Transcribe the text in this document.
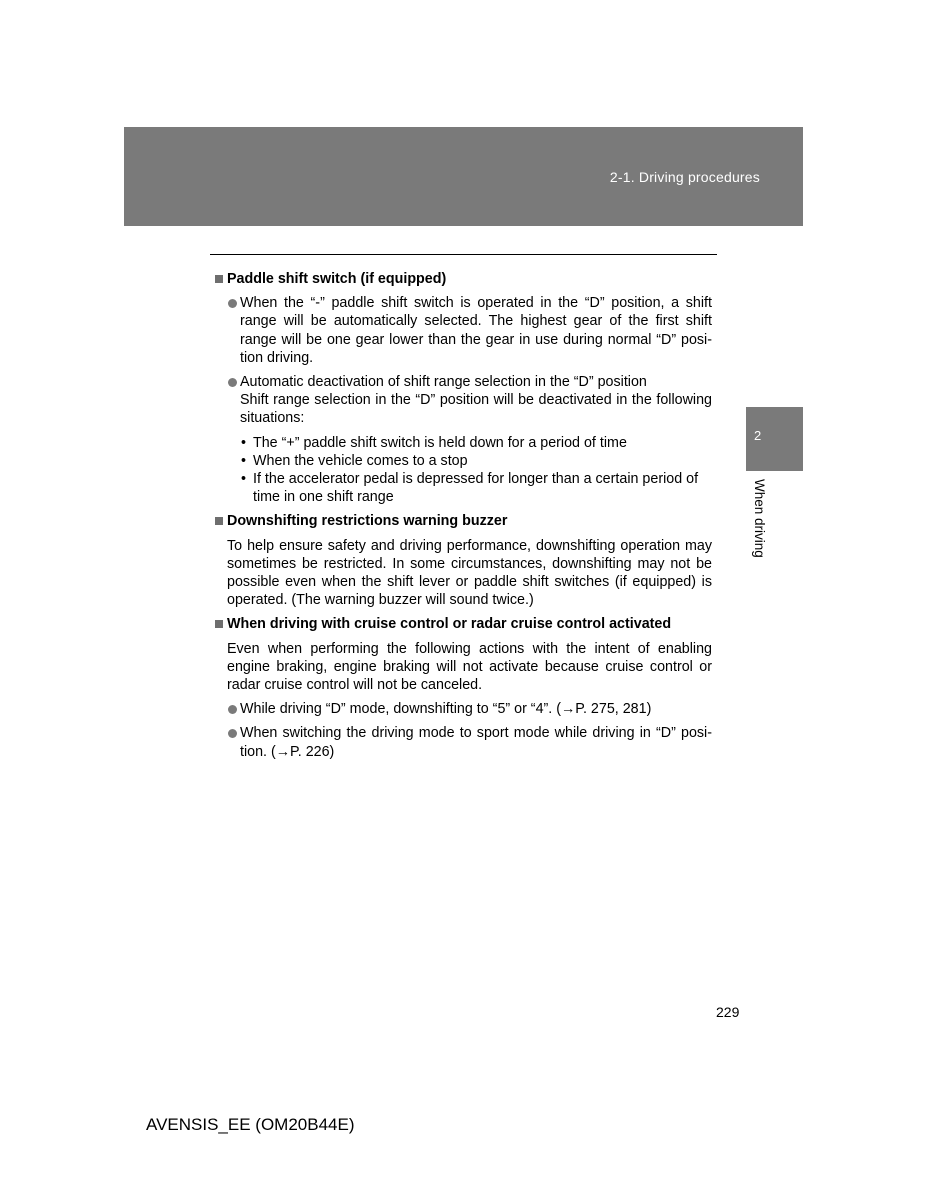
2-1. Driving procedures
2
When driving
Paddle shift switch (if equipped)

When the “-” paddle shift switch is operated in the “D” position, a shift range will be automatically selected. The highest gear of the first shift range will be one gear lower than the gear in use during normal “D” position driving.

Automatic deactivation of shift range selection in the “D” position

Shift range selection in the “D” position will be deactivated in the following situations:

• The “+” paddle shift switch is held down for a period of time
• When the vehicle comes to a stop
• If the accelerator pedal is depressed for longer than a certain period of time in one shift range
Downshifting restrictions warning buzzer

To help ensure safety and driving performance, downshifting operation may sometimes be restricted. In some circumstances, downshifting may not be possible even when the shift lever or paddle shift switches (if equipped) is operated. (The warning buzzer will sound twice.)

When driving with cruise control or radar cruise control activated

Even when performing the following actions with the intent of enabling engine braking, engine braking will not activate because cruise control or radar cruise control will not be canceled.

While driving “D” mode, downshifting to “5” or “4”. (→P. 275, 281)

When switching the driving mode to sport mode while driving in “D” position. (→P. 226)

229
AVENSIS_EE (OM20B44E)
